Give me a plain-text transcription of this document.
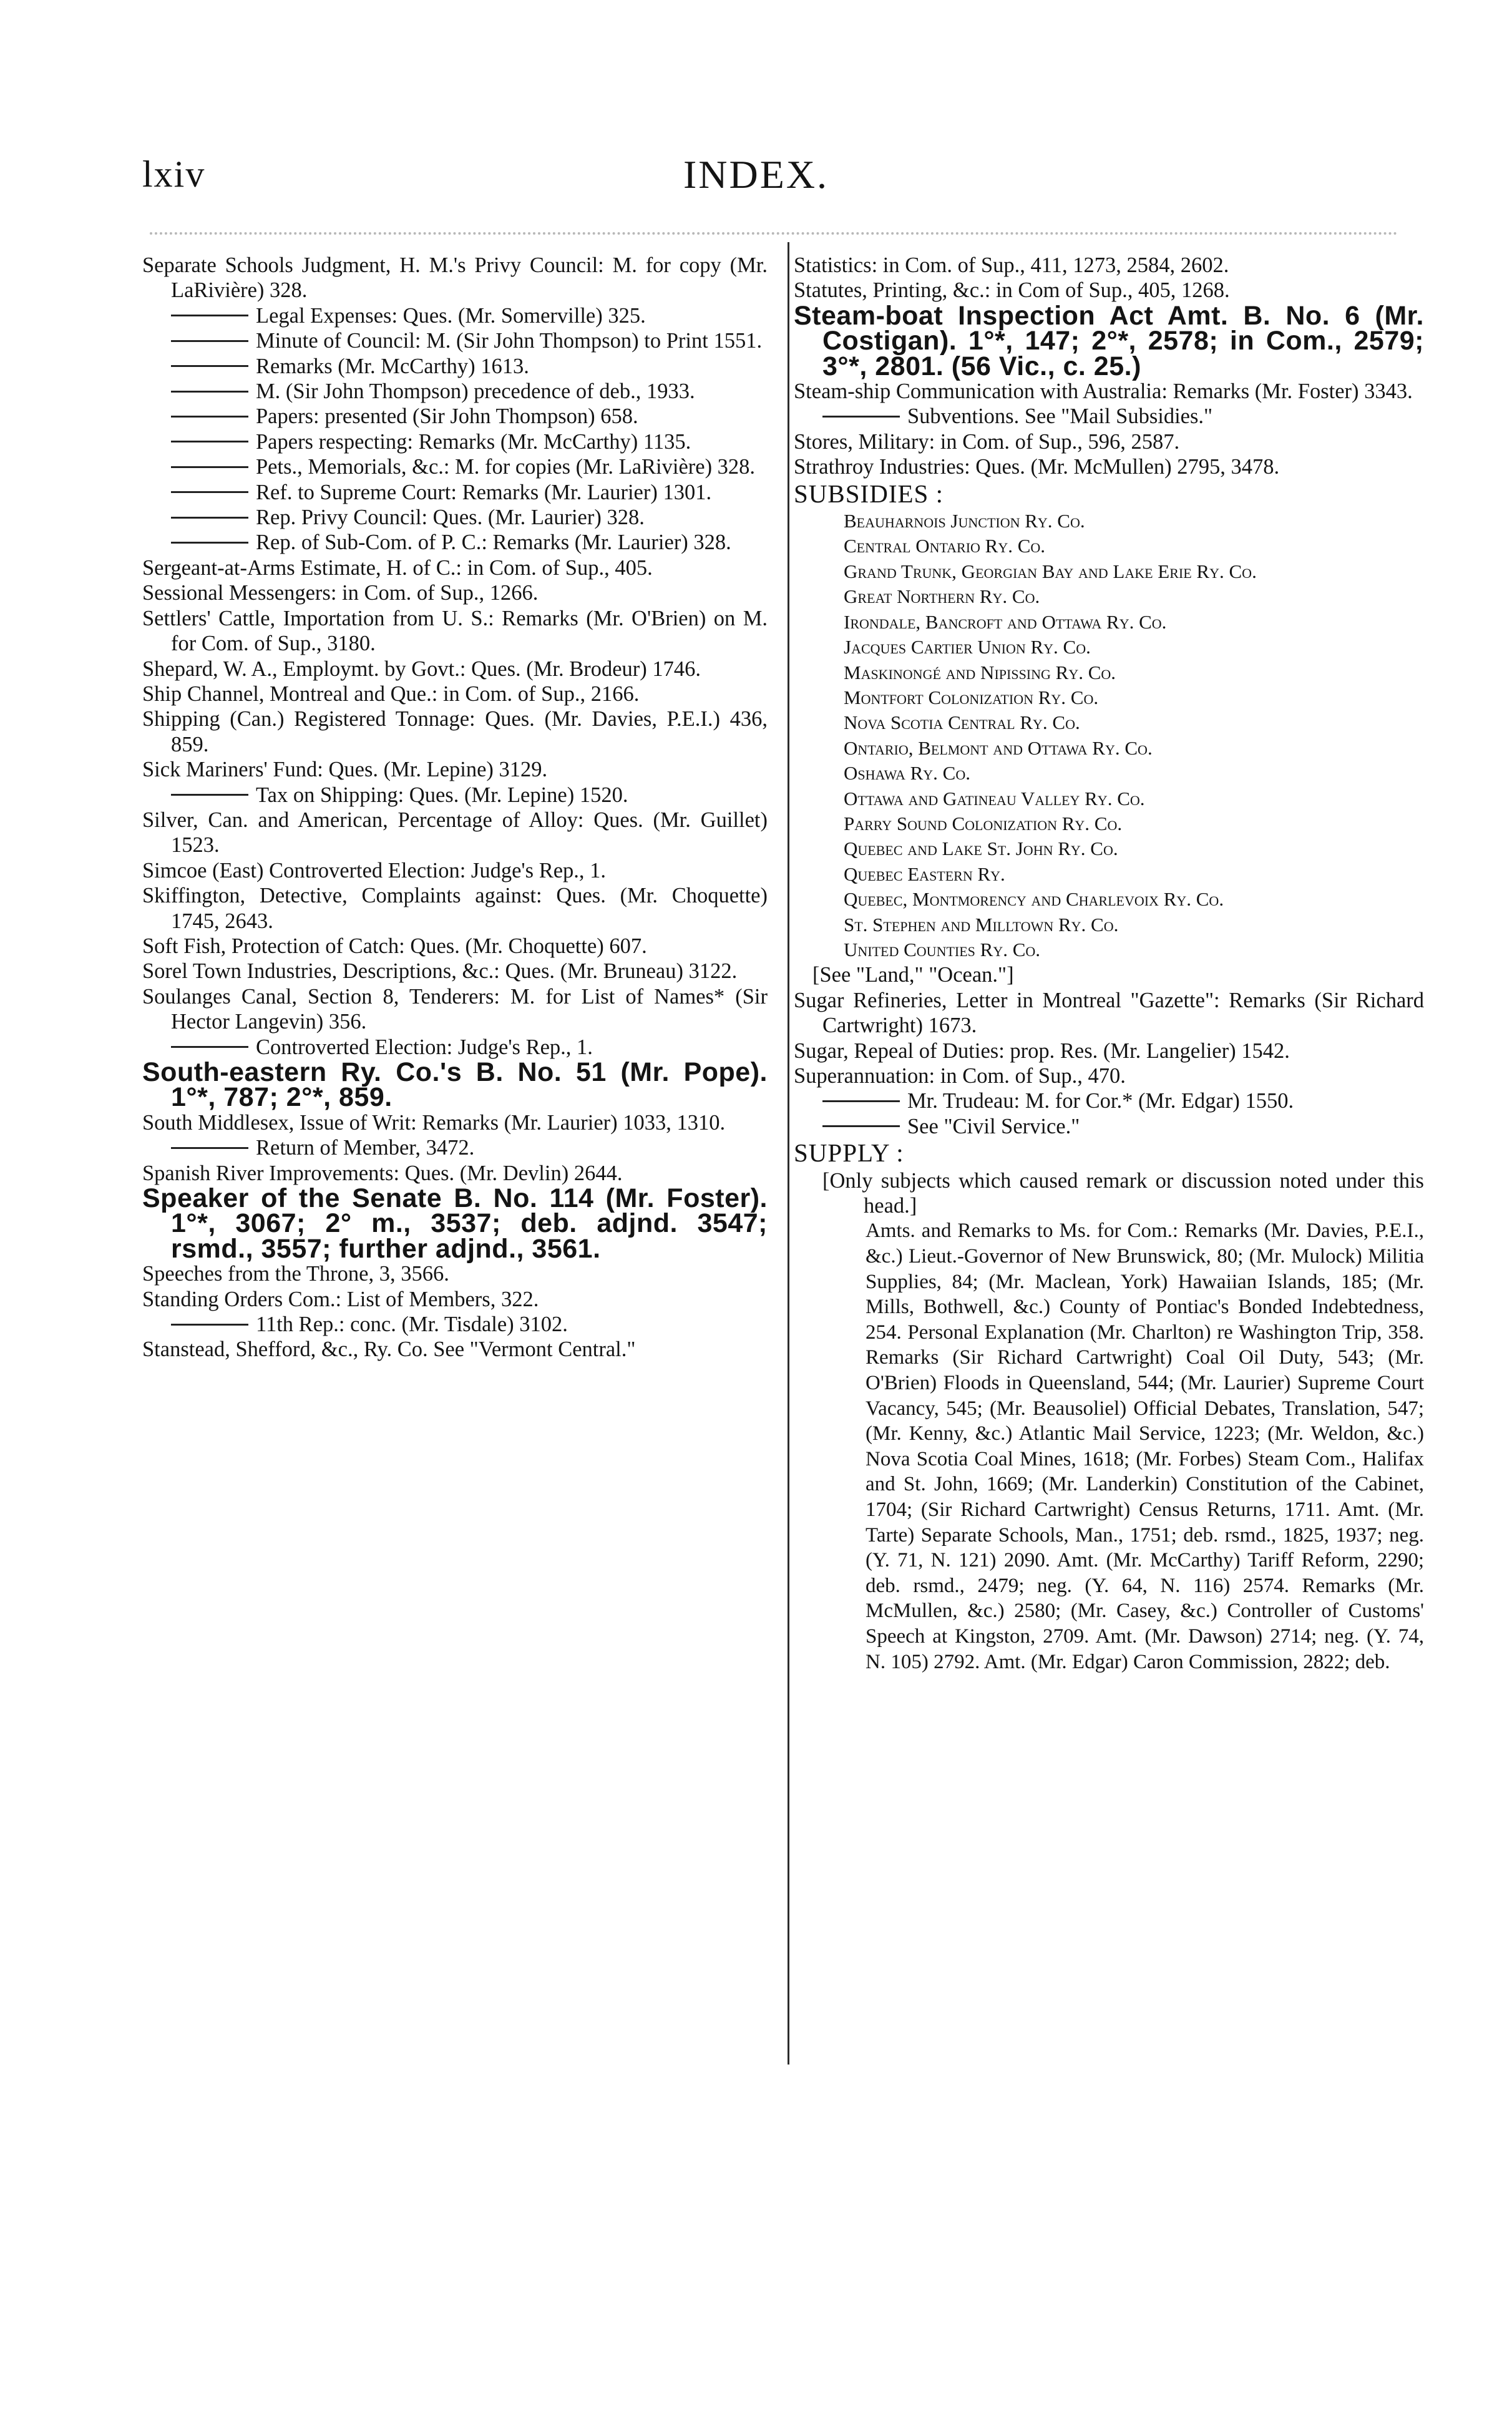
lxiv	INDEX.

Separate Schools Judgment, H. M.'s Privy Council: M. for copy (Mr. LaRivière) 328.

Legal Expenses: Ques. (Mr. Somerville) 325.

Minute of Council: M. (Sir John Thompson) to Print 1551.

Remarks (Mr. McCarthy) 1613.

M. (Sir John Thompson) precedence of deb., 1933.

Papers: presented (Sir John Thompson) 658.

Papers respecting: Remarks (Mr. McCarthy) 1135.

Pets., Memorials, &c.: M. for copies (Mr. LaRivière) 328.

Ref. to Supreme Court: Remarks (Mr. Laurier) 1301.

Rep. Privy Council: Ques. (Mr. Laurier) 328.

Rep. of Sub-Com. of P. C.: Remarks (Mr. Laurier) 328.

Sergeant-at-Arms Estimate, H. of C.: in Com. of Sup., 405.

Sessional Messengers: in Com. of Sup., 1266.

Settlers' Cattle, Importation from U. S.: Remarks (Mr. O'Brien) on M. for Com. of Sup., 3180.

Shepard, W. A., Employmt. by Govt.: Ques. (Mr. Brodeur) 1746.

Ship Channel, Montreal and Que.: in Com. of Sup., 2166.

Shipping (Can.) Registered Tonnage: Ques. (Mr. Davies, P.E.I.) 436, 859.

Sick Mariners' Fund: Ques. (Mr. Lepine) 3129.

Tax on Shipping: Ques. (Mr. Lepine) 1520.

Silver, Can. and American, Percentage of Alloy: Ques. (Mr. Guillet) 1523.

Simcoe (East) Controverted Election: Judge's Rep., 1.

Skiffington, Detective, Complaints against: Ques. (Mr. Choquette) 1745, 2643.

Soft Fish, Protection of Catch: Ques. (Mr. Choquette) 607.

Sorel Town Industries, Descriptions, &c.: Ques. (Mr. Bruneau) 3122.

Soulanges Canal, Section 8, Tenderers: M. for List of Names* (Sir Hector Langevin) 356.

Controverted Election: Judge's Rep., 1.

South-eastern Ry. Co.'s B. No. 51 (Mr. Pope). 1°*, 787; 2°*, 859.

South Middlesex, Issue of Writ: Remarks (Mr. Laurier) 1033, 1310.

Return of Member, 3472.

Spanish River Improvements: Ques. (Mr. Devlin) 2644.

Speaker of the Senate B. No. 114 (Mr. Foster). 1°*, 3067; 2° m., 3537; deb. adjnd. 3547; rsmd., 3557; further adjnd., 3561.

Speeches from the Throne, 3, 3566.

Standing Orders Com.: List of Members, 322.

11th Rep.: conc. (Mr. Tisdale) 3102.

Stanstead, Shefford, &c., Ry. Co. See "Vermont Central."

Statistics: in Com. of Sup., 411, 1273, 2584, 2602.

Statutes, Printing, &c.: in Com of Sup., 405, 1268.

Steam-boat Inspection Act Amt. B. No. 6 (Mr. Costigan). 1°*, 147; 2°*, 2578; in Com., 2579; 3°*, 2801. (56 Vic., c. 25.)

Steam-ship Communication with Australia: Remarks (Mr. Foster) 3343.

Subventions. See "Mail Subsidies."

Stores, Military: in Com. of Sup., 596, 2587.

Strathroy Industries: Ques. (Mr. McMullen) 2795, 3478.

SUBSIDIES :
Beauharnois Junction Ry. Co.
Central Ontario Ry. Co.
Grand Trunk, Georgian Bay and Lake Erie Ry. Co.
Great Northern Ry. Co.
Irondale, Bancroft and Ottawa Ry. Co.
Jacques Cartier Union Ry. Co.
Maskinongé and Nipissing Ry. Co.
Montfort Colonization Ry. Co.
Nova Scotia Central Ry. Co.
Ontario, Belmont and Ottawa Ry. Co.
Oshawa Ry. Co.
Ottawa and Gatineau Valley Ry. Co.
Parry Sound Colonization Ry. Co.
Quebec and Lake St. John Ry. Co.
Quebec Eastern Ry.
Quebec, Montmorency and Charlevoix Ry. Co.
St. Stephen and Milltown Ry. Co.
United Counties Ry. Co.

[See "Land," "Ocean."]

Sugar Refineries, Letter in Montreal "Gazette": Remarks (Sir Richard Cartwright) 1673.

Sugar, Repeal of Duties: prop. Res. (Mr. Langelier) 1542.

Superannuation: in Com. of Sup., 470.

Mr. Trudeau: M. for Cor.* (Mr. Edgar) 1550.

See "Civil Service."

SUPPLY :

[Only subjects which caused remark or discussion noted under this head.]

Amts. and Remarks to Ms. for Com.: Remarks (Mr. Davies, P.E.I., &c.) Lieut.-Governor of New Brunswick, 80; (Mr. Mulock) Militia Supplies, 84; (Mr. Maclean, York) Hawaiian Islands, 185; (Mr. Mills, Bothwell, &c.) County of Pontiac's Bonded Indebtedness, 254. Personal Explanation (Mr. Charlton) re Washington Trip, 358. Remarks (Sir Richard Cartwright) Coal Oil Duty, 543; (Mr. O'Brien) Floods in Queensland, 544; (Mr. Laurier) Supreme Court Vacancy, 545; (Mr. Beausoliel) Official Debates, Translation, 547; (Mr. Kenny, &c.) Atlantic Mail Service, 1223; (Mr. Weldon, &c.) Nova Scotia Coal Mines, 1618; (Mr. Forbes) Steam Com., Halifax and St. John, 1669; (Mr. Landerkin) Constitution of the Cabinet, 1704; (Sir Richard Cartwright) Census Returns, 1711. Amt. (Mr. Tarte) Separate Schools, Man., 1751; deb. rsmd., 1825, 1937; neg. (Y. 71, N. 121) 2090. Amt. (Mr. McCarthy) Tariff Reform, 2290; deb. rsmd., 2479; neg. (Y. 64, N. 116) 2574. Remarks (Mr. McMullen, &c.) 2580; (Mr. Casey, &c.) Controller of Customs' Speech at Kingston, 2709. Amt. (Mr. Dawson) 2714; neg. (Y. 74, N. 105) 2792. Amt. (Mr. Edgar) Caron Commission, 2822; deb.
